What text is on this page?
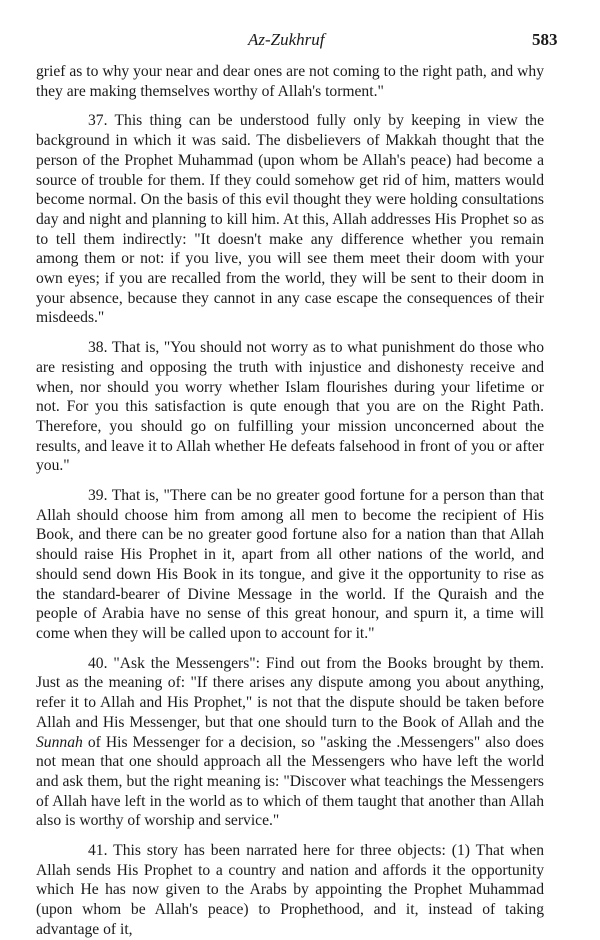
Az-Zukhruf	583

grief as to why your near and dear ones are not coming to the right path, and why they are making themselves worthy of Allah's torment."

37. This thing can be understood fully only by keeping in view the background in which it was said. The disbelievers of Makkah thought that the person of the Prophet Muhammad (upon whom be Allah's peace) had become a source of trouble for them. If they could somehow get rid of him, matters would become normal. On the basis of this evil thought they were holding consultations day and night and planning to kill him. At this, Allah addresses His Prophet so as to tell them indirectly: "It doesn't make any difference whether you remain among them or not: if you live, you will see them meet their doom with your own eyes; if you are recalled from the world, they will be sent to their doom in your absence, because they cannot in any case escape the consequences of their misdeeds."

38. That is, "You should not worry as to what punishment do those who are resisting and opposing the truth with injustice and dishonesty receive and when, nor should you worry whether Islam flourishes during your lifetime or not. For you this satisfaction is qute enough that you are on the Right Path. Therefore, you should go on fulfilling your mission unconcerned about the results, and leave it to Allah whether He defeats falsehood in front of you or after you."

39. That is, "There can be no greater good fortune for a person than that Allah should choose him from among all men to become the recipient of His Book, and there can be no greater good fortune also for a nation than that Allah should raise His Prophet in it, apart from all other nations of the world, and should send down His Book in its tongue, and give it the opportunity to rise as the standard-bearer of Divine Message in the world. If the Quraish and the people of Arabia have no sense of this great honour, and spurn it, a time will come when they will be called upon to account for it."

40. "Ask the Messengers": Find out from the Books brought by them. Just as the meaning of: "If there arises any dispute among you about anything, refer it to Allah and His Prophet," is not that the dispute should be taken before Allah and His Messenger, but that one should turn to the Book of Allah and the Sunnah of His Messenger for a decision, so "asking the .Messengers" also does not mean that one should approach all the Messengers who have left the world and ask them, but the right meaning is: "Discover what teachings the Messengers of Allah have left in the world as to which of them taught that another than Allah also is worthy of worship and service."

41. This story has been narrated here for three objects: (1) That when Allah sends His Prophet to a country and nation and affords it the opportunity which He has now given to the Arabs by appointing the Prophet Muhammad (upon whom be Allah's peace) to Prophethood, and it, instead of taking advantage of it,
